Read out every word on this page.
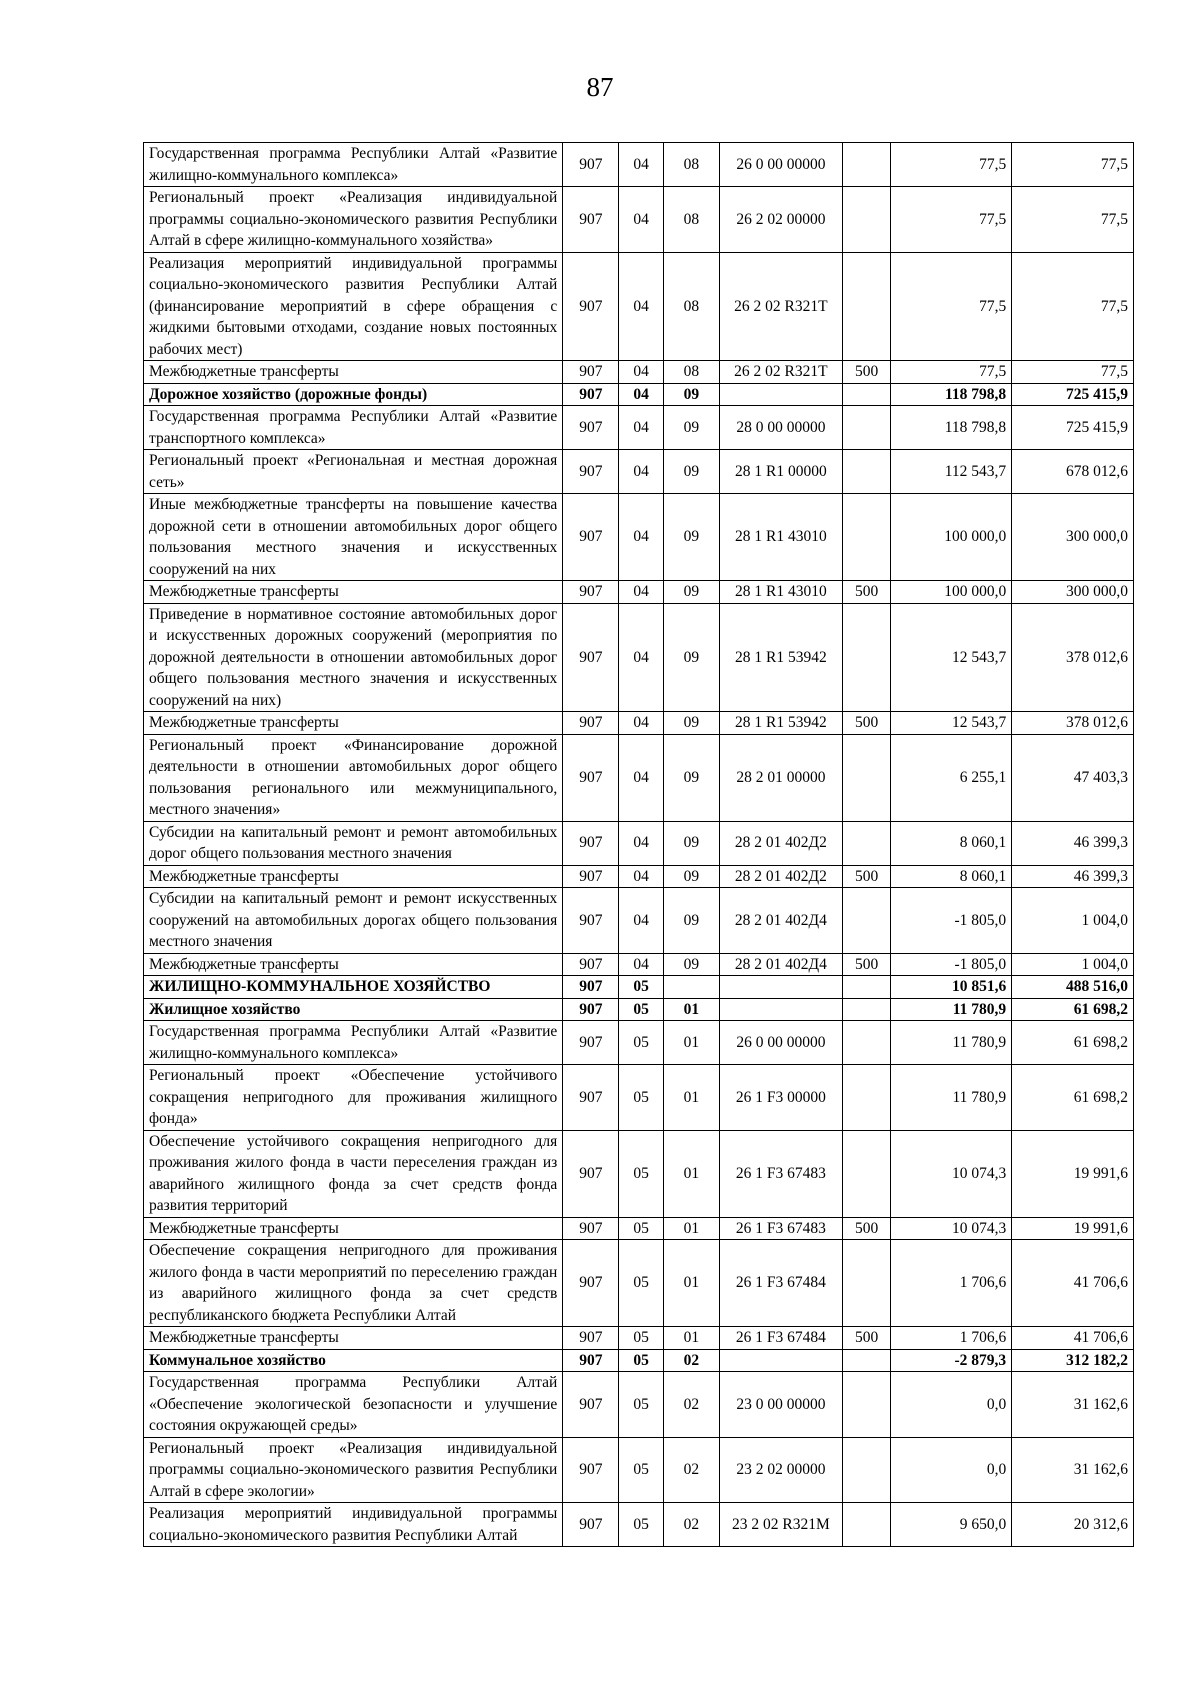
87
Государственная программа Республики Алтай «Развитие жилищно-коммунального комплекса»	907	04	08	26 0 00 00000		77,5	77,5
Региональный проект «Реализация индивидуальной программы социально-экономического развития Республики Алтай в сфере жилищно-коммунального хозяйства»	907	04	08	26 2 02 00000		77,5	77,5
Реализация мероприятий индивидуальной программы социально-экономического развития Республики Алтай (финансирование мероприятий в сфере обращения с жидкими бытовыми отходами, создание новых постоянных рабочих мест)	907	04	08	26 2 02 R321Т		77,5	77,5
Межбюджетные трансферты	907	04	08	26 2 02 R321Т	500	77,5	77,5
Дорожное хозяйство (дорожные фонды)	907	04	09			118 798,8	725 415,9
Государственная программа Республики Алтай «Развитие транспортного комплекса»	907	04	09	28 0 00 00000		118 798,8	725 415,9
Региональный проект «Региональная и местная дорожная сеть»	907	04	09	28 1 R1 00000		112 543,7	678 012,6
Иные межбюджетные трансферты на повышение качества дорожной сети в отношении автомобильных дорог общего пользования местного значения и искусственных сооружений на них	907	04	09	28 1 R1 43010		100 000,0	300 000,0
Межбюджетные трансферты	907	04	09	28 1 R1 43010	500	100 000,0	300 000,0
Приведение в нормативное состояние автомобильных дорог и искусственных дорожных сооружений (мероприятия по дорожной деятельности в отношении автомобильных дорог общего пользования местного значения и искусственных сооружений на них)	907	04	09	28 1 R1 53942		12 543,7	378 012,6
Межбюджетные трансферты	907	04	09	28 1 R1 53942	500	12 543,7	378 012,6
Региональный проект «Финансирование дорожной деятельности в отношении автомобильных дорог общего пользования регионального или межмуниципального, местного значения»	907	04	09	28 2 01 00000		6 255,1	47 403,3
Субсидии на капитальный ремонт и ремонт автомобильных дорог общего пользования местного значения	907	04	09	28 2 01 402Д2		8 060,1	46 399,3
Межбюджетные трансферты	907	04	09	28 2 01 402Д2	500	8 060,1	46 399,3
Субсидии на капитальный ремонт и ремонт искусственных сооружений на автомобильных дорогах общего пользования местного значения	907	04	09	28 2 01 402Д4		-1 805,0	1 004,0
Межбюджетные трансферты	907	04	09	28 2 01 402Д4	500	-1 805,0	1 004,0
ЖИЛИЩНО-КОММУНАЛЬНОЕ ХОЗЯЙСТВО	907	05				10 851,6	488 516,0
Жилищное хозяйство	907	05	01			11 780,9	61 698,2
Государственная программа Республики Алтай «Развитие жилищно-коммунального комплекса»	907	05	01	26 0 00 00000		11 780,9	61 698,2
Региональный проект «Обеспечение устойчивого сокращения непригодного для проживания жилищного фонда»	907	05	01	26 1 F3 00000		11 780,9	61 698,2
Обеспечение устойчивого сокращения непригодного для проживания жилого фонда в части переселения граждан из аварийного жилищного фонда за счет средств фонда развития территорий	907	05	01	26 1 F3 67483		10 074,3	19 991,6
Межбюджетные трансферты	907	05	01	26 1 F3 67483	500	10 074,3	19 991,6
Обеспечение сокращения непригодного для проживания жилого фонда в части мероприятий по переселению граждан из аварийного жилищного фонда за счет средств республиканского бюджета Республики Алтай	907	05	01	26 1 F3 67484		1 706,6	41 706,6
Межбюджетные трансферты	907	05	01	26 1 F3 67484	500	1 706,6	41 706,6
Коммунальное хозяйство	907	05	02			-2 879,3	312 182,2
Государственная программа Республики Алтай «Обеспечение экологической безопасности и улучшение состояния окружающей среды»	907	05	02	23 0 00 00000		0,0	31 162,6
Региональный проект «Реализация индивидуальной программы социально-экономического развития Республики Алтай в сфере экологии»	907	05	02	23 2 02 00000		0,0	31 162,6
Реализация мероприятий индивидуальной программы социально-экономического развития Республики Алтай	907	05	02	23 2 02 R321М		9 650,0	20 312,6
